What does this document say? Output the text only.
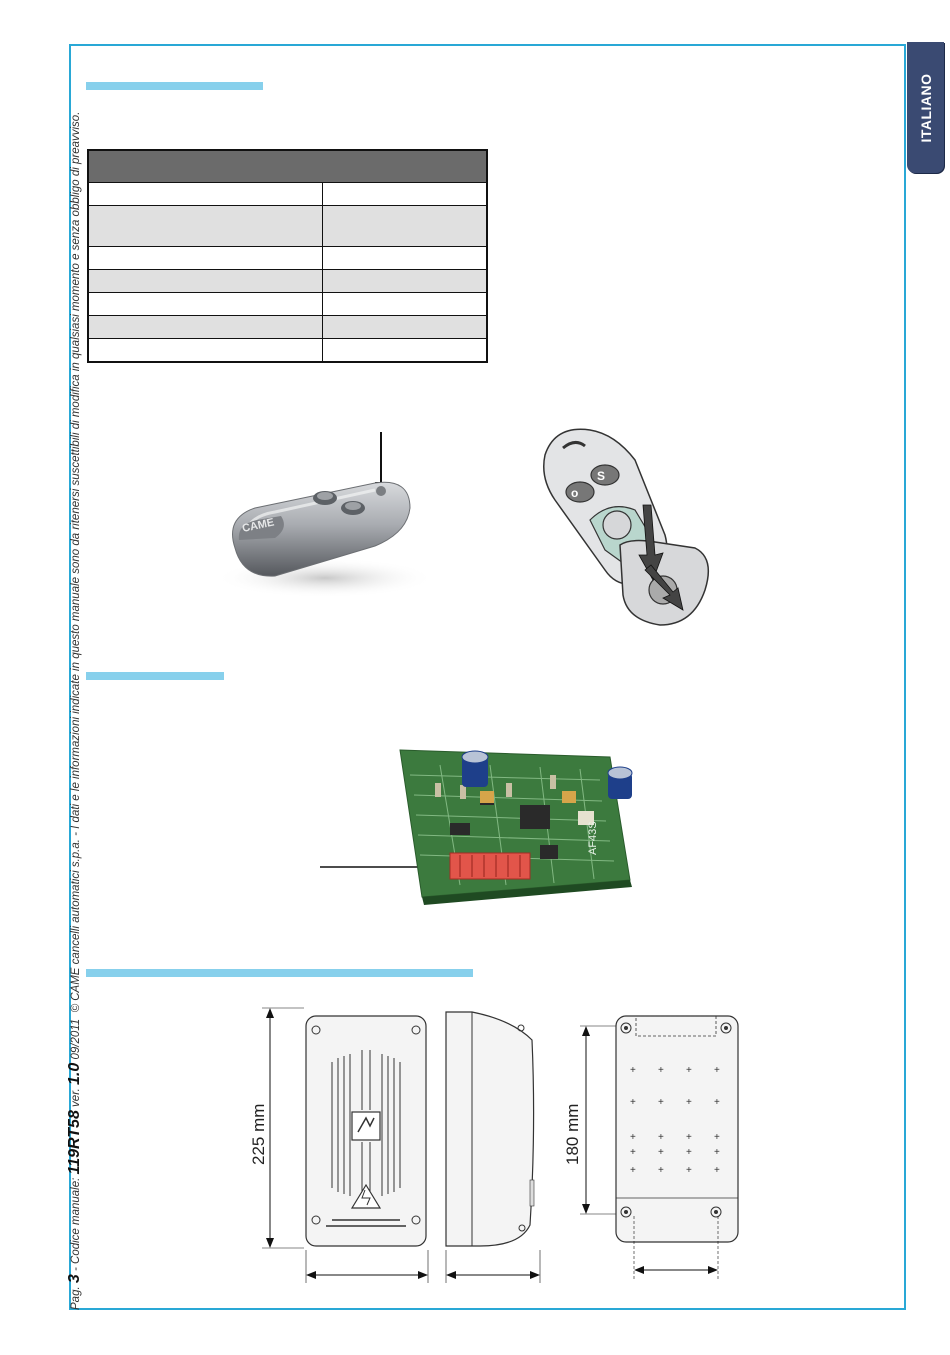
ITALIANO
Pag. 3 - Codice manuale: 119RT58 ver. 1.0 09/2011  © CAME cancelli automatici s.p.a. - I dati e le informazioni indicate in questo manuale sono da ritenersi suscettibili di modifica in qualsiasi momento e senza obbligo di preavviso.

		CAME
o
S
AF43S
225 mm	180 mm
+ + + +
+ + + +
+ + + +
+ + + +
+ + + +
